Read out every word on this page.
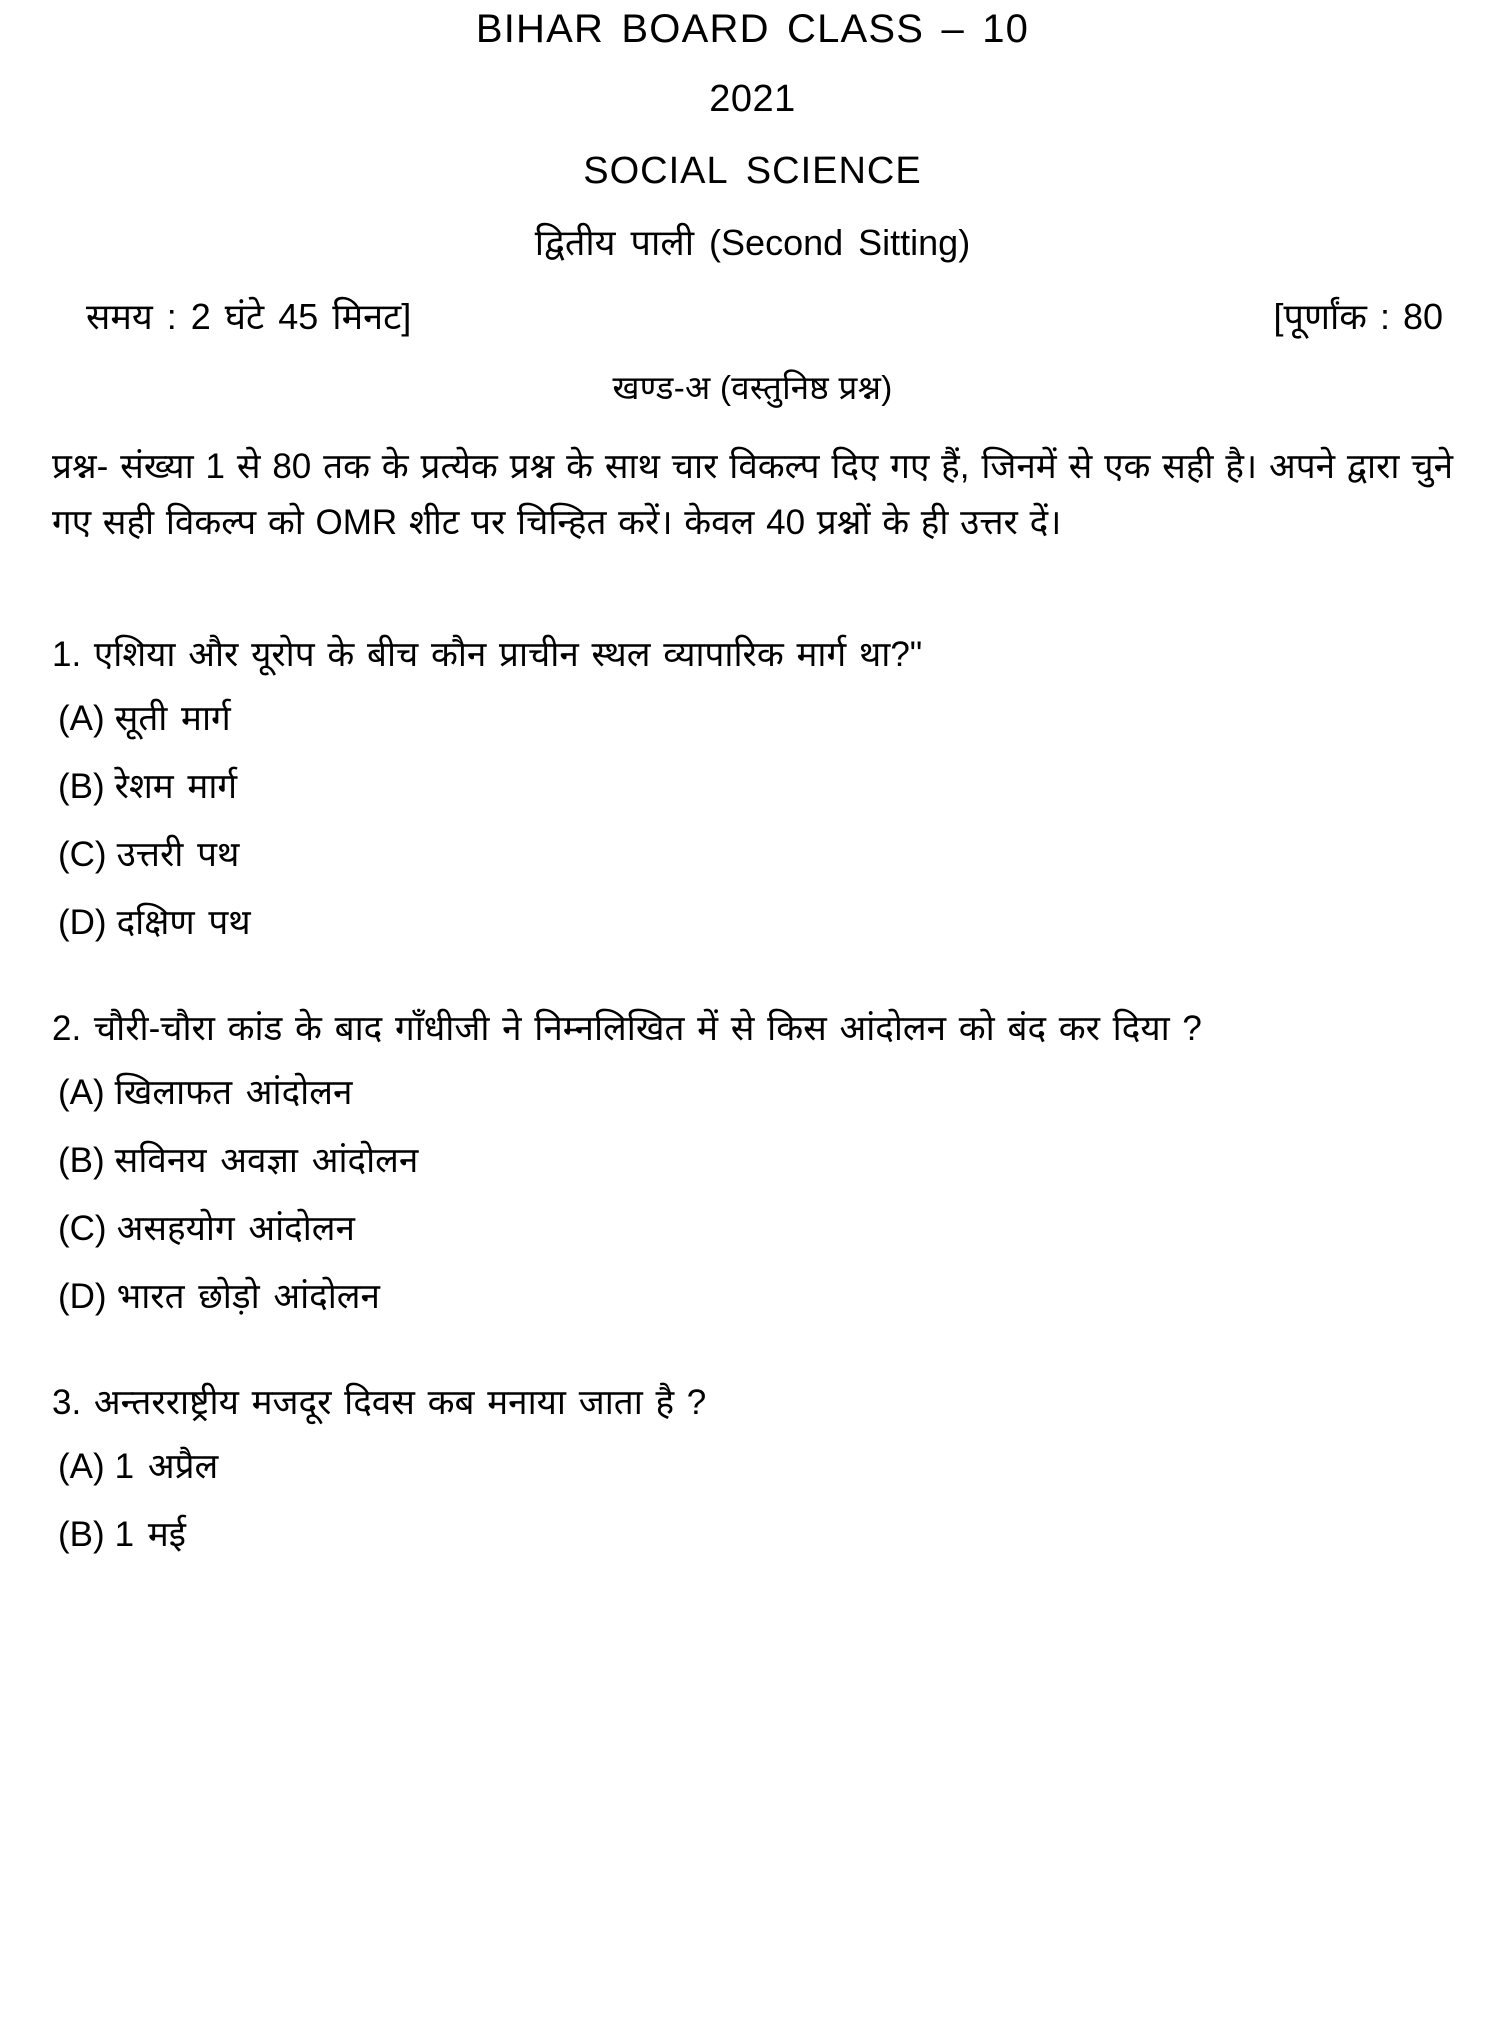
BIHAR BOARD CLASS – 10
2021
SOCIAL SCIENCE
द्वितीय पाली (Second Sitting)
समय : 2 घंटे 45 मिनट]	[पूर्णांक : 80
खण्ड-अ (वस्तुनिष्ठ प्रश्न)

प्रश्न- संख्या 1 से 80 तक के प्रत्येक प्रश्न के साथ चार विकल्प दिए गए हैं, जिनमें से एक सही है। अपने द्वारा चुने गए सही विकल्प को OMR शीट पर चिन्हित करें। केवल 40 प्रश्नों के ही उत्तर दें।

1. एशिया और यूरोप के बीच कौन प्राचीन स्थल व्यापारिक मार्ग था?"

(A) सूती मार्ग
(B) रेशम मार्ग
(C) उत्तरी पथ
(D) दक्षिण पथ

2. चौरी-चौरा कांड के बाद गाँधीजी ने निम्नलिखित में से किस आंदोलन को बंद कर दिया ?

(A) खिलाफत आंदोलन
(B) सविनय अवज्ञा आंदोलन
(C) असहयोग आंदोलन
(D) भारत छोड़ो आंदोलन

3. अन्तरराष्ट्रीय मजदूर दिवस कब मनाया जाता है ?

(A) 1 अप्रैल
(B) 1 मई
